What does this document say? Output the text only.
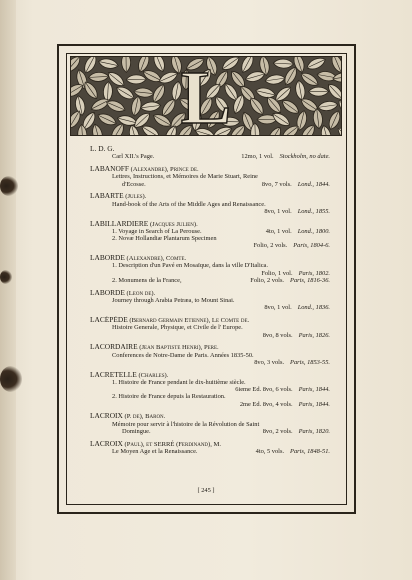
L
L. D. G.
Carl XII.'s Page.	12mo, 1 vol. Stockholm, no date.
LABANOFF (Alexandre), Prince de.
Lettres, Instructions, et Mémoires de Marie Stuart, Reine
d'Ecosse.	8vo, 7 vols. Lond., 1844.
LABARTE (Jules).
Hand-book of the Arts of the Middle Ages and Renaissance.
8vo, 1 vol. Lond., 1855.
LABILLARDIERE (Jacques Julien).
1. Voyage in Search of La Perouse.	4to, 1 vol. Lond., 1800.
2. Novæ Hollandiæ Plantarum Specimen
Folio, 2 vols. Paris, 1804-6.
LABORDE (Alexandre), Comte.
1. Description d'un Pavé en Mosaïque, dans la ville D'Italica.
Folio, 1 vol. Paris, 1802.
2. Monumens de la France,	Folio, 2 vols. Paris, 1816-36.
LABORDE (Leon de).
Journey through Arabia Petræa, to Mount Sinai.
8vo, 1 vol. Lond., 1836.
LACÉPÈDE (Bernard Germain Etienne), Le Comte de.
Histoire Generale, Physique, et Civile de l' Europe.
8vo, 8 vols. Paris, 1826.
LACORDAIRE (Jean Baptiste Henri), Pere.
Conferences de Notre-Dame de Paris. Années 1835-50.
8vo, 3 vols. Paris, 1853-55.
LACRETELLE (Charles).
1. Histoire de France pendant le dix-huitième siècle.
6ieme Ed. 8vo, 6 vols. Paris, 1844.
2. Histoire de France depuis la Restauration.
2me Ed. 8vo, 4 vols. Paris, 1844.
LACROIX (P. de), Baron.
Mémoire pour servir à l'histoire de la Révolution de Saint
Domingue.	8vo, 2 vols. Paris, 1820.
LACROIX (Paul), et SERRÉ (Ferdinand), M.
Le Moyen Age et la Renaissance.	4to, 5 vols. Paris, 1848-51.
[ 245 ]
